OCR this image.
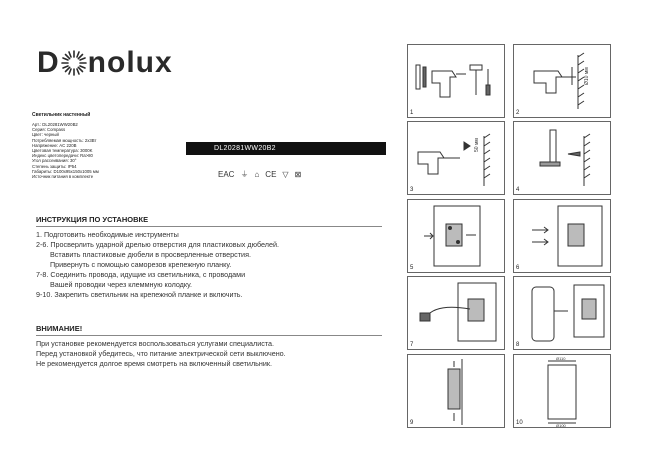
D nolux
Светильник настенный
Арт.: DL20281WW20B2
Серия: Compass
Цвет: черный
Потребляемая мощность: 2х3Вт
Напряжение: AC 220В
Цветовая температура: 3000K
Индекс цветопередачи: Ra>80
Угол рассеивания: 30°
Степень защиты: IP54
Габариты: D100х95х150х1005 мм
Источник питания в комплекте
DL20281WW20B2
EAC ⏚ ⌂ CE ▽ ⊠
ИНСТРУКЦИЯ ПО УСТАНОВКЕ
1. Подготовить необходимые инструменты
2-6. Просверлить ударной дрелью отверстия для пластиковых дюбелей.
Вставить пластиковые дюбели в просверленные отверстия.
Привернуть с помощью саморезов крепежную планку.
7-8. Соединить провода, идущие из светильника, с проводами
Вашей проводки через клеммную колодку.
9-10. Закрепить светильник на крепежной планке и включить.
ВНИМАНИЕ!
При установке рекомендуется воспользоваться услугами специалиста.
Перед установкой убедитесь, что питание электрической сети выключено.
Не рекомендуется долгое время смотреть на включенный светильник.
1
Ø10 мм
2
50 мм
3	4
5	6
7	8
9
Ø110
Ø100
10
